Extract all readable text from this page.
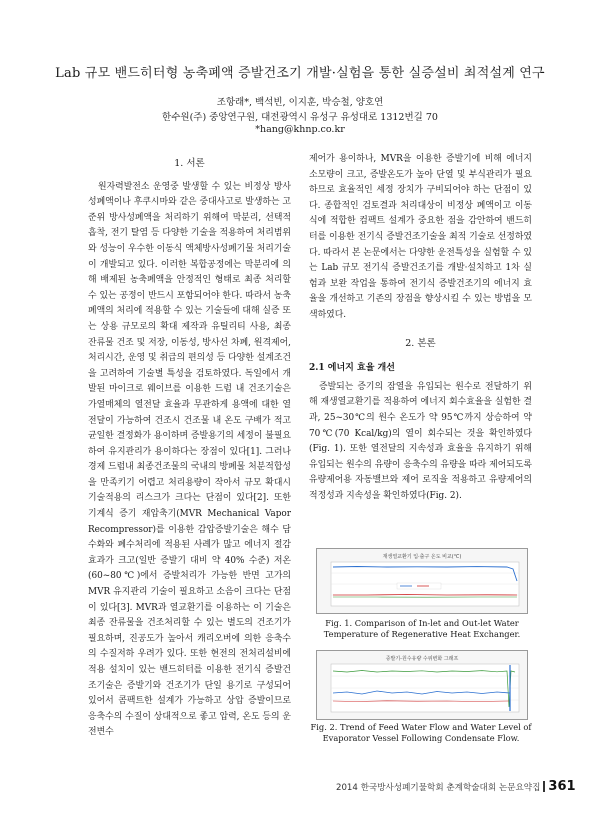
Lab 규모 밴드히터형 농축폐액 증발건조기 개발·실험을 통한 실증설비 최적설계 연구
조항래*, 백석빈, 이지훈, 박승철, 양호연
한수원(주) 중앙연구원, 대전광역시 유성구 유성대로 1312번길 70
*hang@khnp.co.kr
1. 서론

원자력발전소 운영중 발생할 수 있는 비정상 방사성폐액이나 후쿠시마와 같은 중대사고로 발생하는 고준위 방사성폐액을 처리하기 위해여 막분리, 선택적 흡착, 전기 탈염 등 다양한 기술을 적용하여 처리범위와 성능이 우수한 이동식 액체방사성폐기물 처리기술이 개발되고 있다. 이러한 복합공정에는 막분리에 의해 배제된 농축폐액을 안정적인 형태로 최종 처리할 수 있는 공정이 반드시 포함되어야 한다. 따라서 농축폐액의 처리에 적용할 수 있는 기술들에 대해 실증 또는 상용 규모로의 확대 제작과 유틸리티 사용, 최종 잔류물 건조 및 저장, 이동성, 방사선 차폐, 원격제어, 처리시간, 운영 및 취급의 편의성 등 다양한 설계조건을 고려하여 기술별 특성을 검토하였다. 독일에서 개발된 마이크로 웨이브를 이용한 드럼 내 건조기술은 가열매체의 열전달 효율과 무관하게 용액에 대한 열전달이 가능하여 건조시 건조물 내 온도 구배가 적고 균일한 결정화가 용이하며 증발용기의 세정이 불필요하여 유지관리가 용이하다는 장점이 있다[1]. 그러나 경제 드럼내 최종건조물의 국내의 방폐물 처분적합성을 만족키기 어렵고 처리용량이 작아서 규모 확대시 기술적용의 리스크가 크다는 단점이 있다[2]. 또한 기계식 증기 재압축기(MVR Mechanical Vapor Recompressor)를 이용한 감압증발기술은 해수 담수화와 폐수처리에 적용된 사례가 많고 에너지 절감효과가 크고(일반 증발기 대비 약 40% 수준) 저온(60~80℃)에서 증발처리가 가능한 반면 고가의 MVR 유지관리 기술이 필요하고 소음이 크다는 단점이 있다[3]. MVR과 열교환기를 이용하는 이 기술은 최종 잔류물을 건조처리할 수 있는 별도의 건조기가 필요하며, 진공도가 높아서 캐리오버에 의한 응축수의 수질저하 우려가 있다. 또한 현전의 전처리설비에 적용 설치이 있는 밴드히터를 이용한 전기식 증발건조기술은 증발기와 건조기가 단일 용기로 구성되어 있어서 콤팩트한 설계가 가능하고 상압 증발이므로 응축수의 수질이 상대적으로 좋고 압력, 온도 등의 운전변수

제어가 용이하나, MVR을 이용한 증발기에 비해 에너지 소모량이 크고, 증발온도가 높아 단열 및 부식관리가 필요하므로 효율적인 세정 장치가 구비되어야 하는 단점이 있다. 종합적인 검토결과 처리대상이 비정상 폐액이고 이동식에 적합한 컴팩트 설계가 중요한 점을 감안하여 밴드히터를 이용한 전기식 증발건조기술을 최적 기술로 선정하였다. 따라서 본 논문에서는 다양한 운전특성을 실험할 수 있는 Lab 규모 전기식 증발건조기를 개발·설치하고 1차 실험과 보완 작업을 통하여 전기식 증발건조기의 에너지 효율을 개선하고 기존의 장점을 향상시킬 수 있는 방법을 모색하였다.

2. 본론
2.1 에너지 효율 개선

증발되는 증기의 잠열을 유입되는 원수로 전달하기 위해 재생열교환기를 적용하여 에너지 회수효율을 실험한 결과, 25~30℃의 원수 온도가 약 95℃까지 상승하여 약 70℃(70 Kcal/kg)의 열이 회수되는 것을 확인하였다(Fig. 1). 또한 열전달의 지속성과 효율을 유지하기 위해 유입되는 원수의 유량이 응축수의 유량을 따라 제어되도록 유량제어용 자동밸브와 제어 로직을 적용하고 유량제어의 적정성과 지속성을 확인하였다(Fig. 2).

재생열교환기 입·출구 온도 비교(℃)
Fig. 1. Comparison of In-let and Out-let Water Temperature of Regenerative Heat Exchanger.
증발기-원수유량 수위변화 그래프
Fig. 2. Trend of Feed Water Flow and Water Level of Evaporator Vessel Following Condensate Flow.
2014 한국방사성폐기물학회 춘계학술대회 논문요약집 361
